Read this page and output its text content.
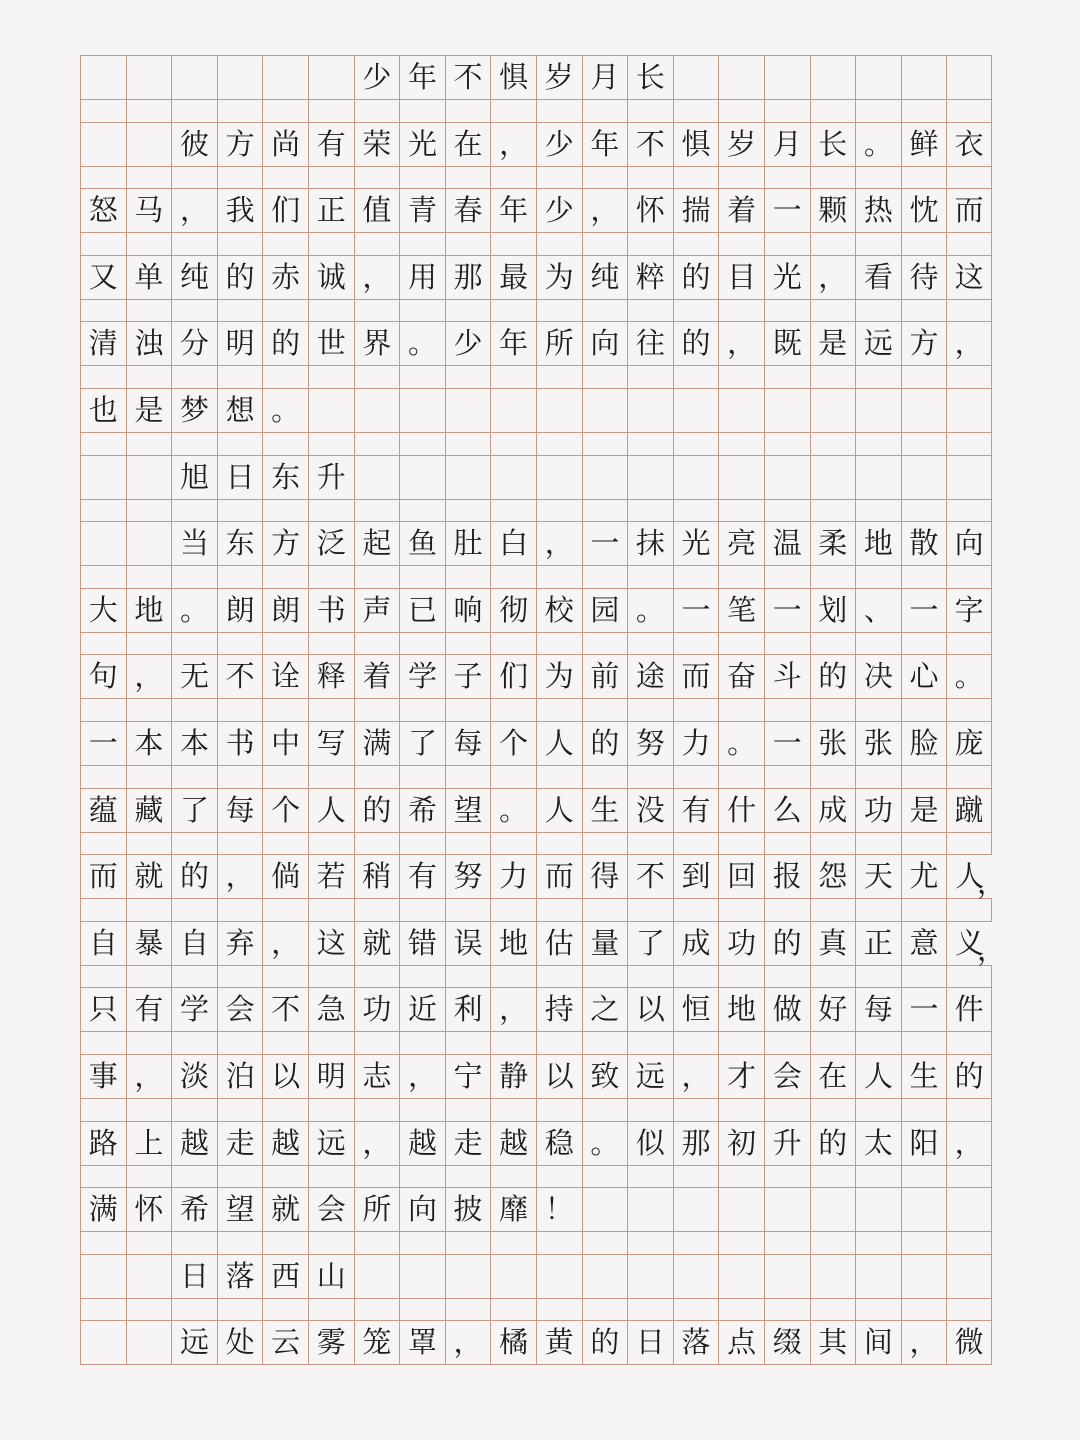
少 年 不 惧 岁 月 长
彼 方 尚 有 荣 光 在 ， 少 年 不 惧 岁 月 长 。 鲜 衣
怒 马 ， 我 们 正 值 青 春 年 少 ， 怀 揣 着 一 颗 热 忱 而
又 单 纯 的 赤 诚 ， 用 那 最 为 纯 粹 的 目 光 ， 看 待 这
清 浊 分 明 的 世 界 。 少 年 所 向 往 的 ， 既 是 远 方 ，
也 是 梦 想 。
旭 日 东 升
当 东 方 泛 起 鱼 肚 白 ， 一 抹 光 亮 温 柔 地 散 向
大 地 。 朗 朗 书 声 已 响 彻 校 园 。 一 笔 一 划 、 一 字
句 ， 无 不 诠 释 着 学 子 们 为 前 途 而 奋 斗 的 决 心 。
一 本 本 书 中 写 满 了 每 个 人 的 努 力 。 一 张 张 脸 庞
蕴 藏 了 每 个 人 的 希 望 。 人 生 没 有 什 么 成 功 是 蹴
而 就 的 ， 倘 若 稍 有 努 力 而 得 不 到 回 报 怨 天 尤 人
，
自 暴 自 弃 ， 这 就 错 误 地 估 量 了 成 功 的 真 正 意 义
，
只 有 学 会 不 急 功 近 利 ， 持 之 以 恒 地 做 好 每 一 件
事 ， 淡 泊 以 明 志 ， 宁 静 以 致 远 ， 才 会 在 人 生 的
路 上 越 走 越 远 ， 越 走 越 稳 。 似 那 初 升 的 太 阳 ，
满 怀 希 望 就 会 所 向 披 靡 ！
日 落 西 山
远 处 云 雾 笼 罩 ， 橘 黄 的 日 落 点 缀 其 间 ， 微
